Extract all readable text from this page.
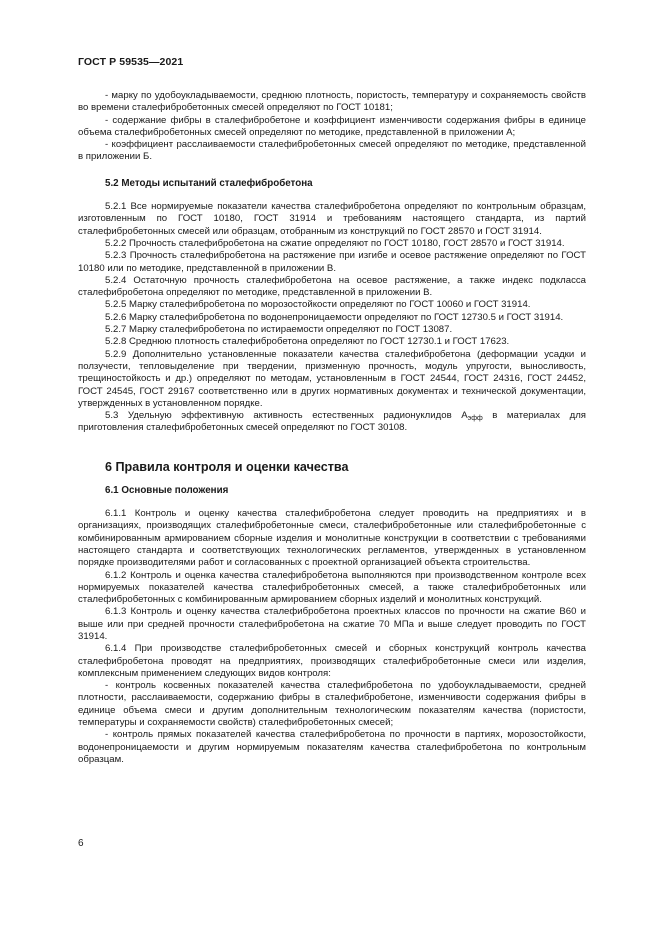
ГОСТ Р 59535—2021

- марку по удобоукладываемости, среднюю плотность, пористость, температуру и сохраняемость свойств во времени сталефибробетонных смесей определяют по ГОСТ 10181;

- содержание фибры в сталефибробетоне и коэффициент изменчивости содержания фибры в единице объема сталефибробетонных смесей определяют по методике, представленной в приложении А;

- коэффициент расслаиваемости сталефибробетонных смесей определяют по методике, представленной в приложении Б.

5.2 Методы испытаний сталефибробетона

5.2.1 Все нормируемые показатели качества сталефибробетона определяют по контрольным образцам, изготовленным по ГОСТ 10180, ГОСТ 31914 и требованиям настоящего стандарта, из партий сталефибробетонных смесей или образцам, отобранным из конструкций по ГОСТ 28570 и ГОСТ 31914.

5.2.2 Прочность сталефибробетона на сжатие определяют по ГОСТ 10180, ГОСТ 28570 и ГОСТ 31914.

5.2.3 Прочность сталефибробетона на растяжение при изгибе и осевое растяжение определяют по ГОСТ 10180 или по методике, представленной в приложении В.

5.2.4 Остаточную прочность сталефибробетона на осевое растяжение, а также индекс подкласса сталефибробетона определяют по методике, представленной в приложении В.

5.2.5 Марку сталефибробетона по морозостойкости определяют по ГОСТ 10060 и ГОСТ 31914.

5.2.6 Марку сталефибробетона по водонепроницаемости определяют по ГОСТ 12730.5 и ГОСТ 31914.

5.2.7 Марку сталефибробетона по истираемости определяют по ГОСТ 13087.

5.2.8 Среднюю плотность сталефибробетона определяют по ГОСТ 12730.1 и ГОСТ 17623.

5.2.9 Дополнительно установленные показатели качества сталефибробетона (деформации усадки и ползучести, тепловыделение при твердении, призменную прочность, модуль упругости, выносливость, трещиностойкость и др.) определяют по методам, установленным в ГОСТ 24544, ГОСТ 24316, ГОСТ 24452, ГОСТ 24545, ГОСТ 29167 соответственно или в других нормативных документах и технической документации, утвержденных в установленном порядке.

5.3 Удельную эффективную активность естественных радионуклидов $А_{эфф}$ в материалах для приготовления сталефибробетонных смесей определяют по ГОСТ 30108.

6 Правила контроля и оценки качества
6.1 Основные положения

6.1.1 Контроль и оценку качества сталефибробетона следует проводить на предприятиях и в организациях, производящих сталефибробетонные смеси, сталефибробетонные или сталефибробетонные с комбинированным армированием сборные изделия и монолитные конструкции в соответствии с требованиями настоящего стандарта и соответствующих технологических регламентов, утвержденных в установленном порядке производителями работ и согласованных с проектной организацией объекта строительства.

6.1.2 Контроль и оценка качества сталефибробетона выполняются при производственном контроле всех нормируемых показателей качества сталефибробетонных смесей, а также сталефибробетонных или сталефибробетонных с комбинированным армированием сборных изделий и монолитных конструкций.

6.1.3 Контроль и оценку качества сталефибробетона проектных классов по прочности на сжатие В60 и выше или при средней прочности сталефибробетона на сжатие 70 МПа и выше следует проводить по ГОСТ 31914.

6.1.4 При производстве сталефибробетонных смесей и сборных конструкций контроль качества сталефибробетона проводят на предприятиях, производящих сталефибробетонные смеси или изделия, комплексным применением следующих видов контроля:

- контроль косвенных показателей качества сталефибробетона по удобоукладываемости, средней плотности, расслаиваемости, содержанию фибры в сталефибробетоне, изменчивости содержания фибры в единице объема смеси и другим дополнительным технологическим показателям качества (пористости, температуры и сохраняемости свойств) сталефибробетонных смесей;

- контроль прямых показателей качества сталефибробетона по прочности в партиях, морозостойкости, водонепроницаемости и другим нормируемым показателям качества сталефибробетона по контрольным образцам.

6
